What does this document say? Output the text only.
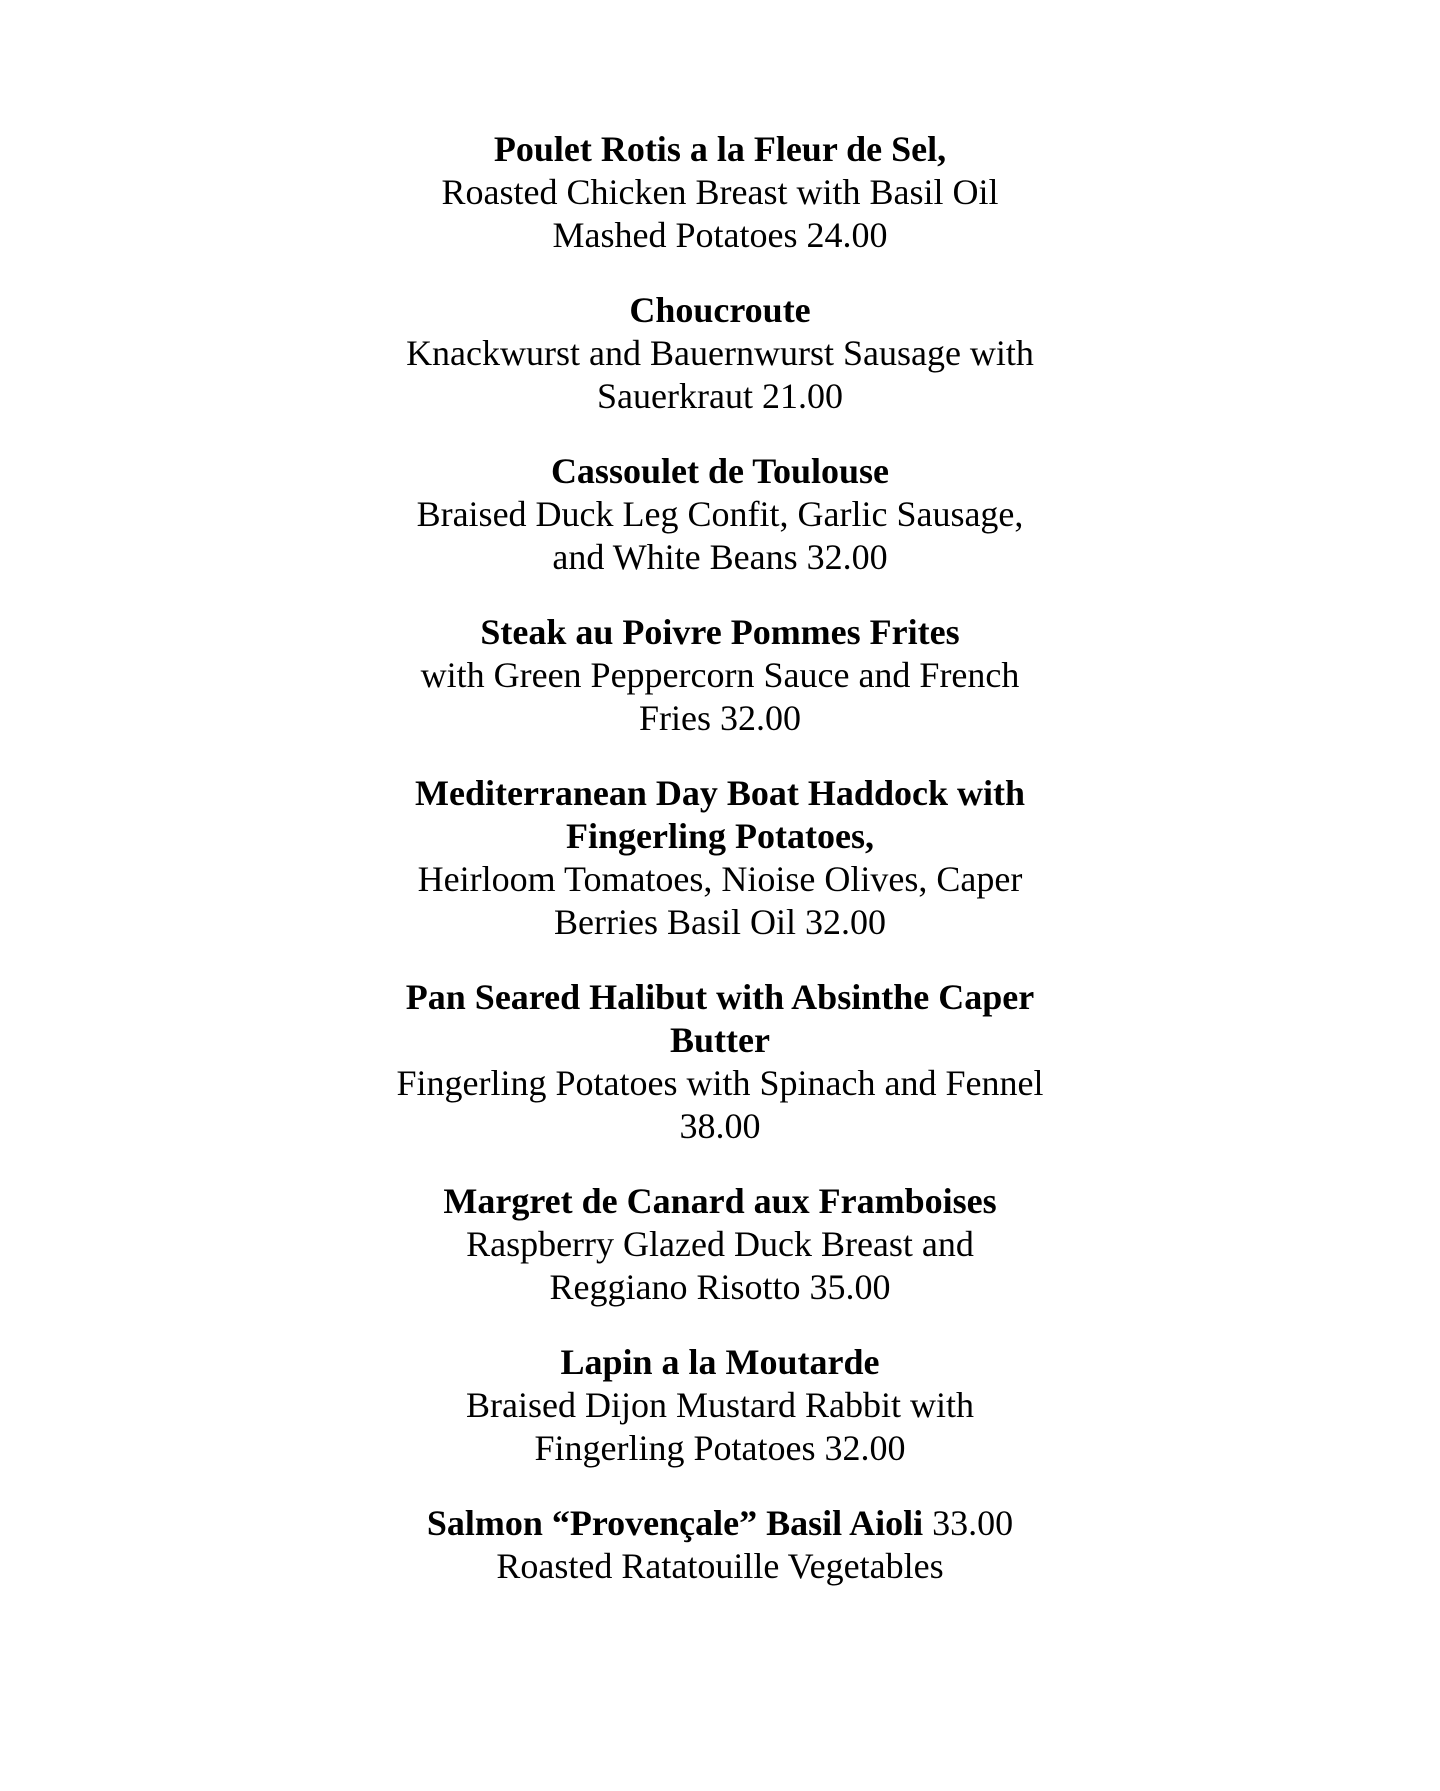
Poulet Rotis a la Fleur de Sel,
Roasted Chicken Breast with Basil Oil
Mashed Potatoes 24.00
Choucroute
Knackwurst and Bauernwurst Sausage with
Sauerkraut 21.00
Cassoulet de Toulouse
Braised Duck Leg Confit, Garlic Sausage,
and White Beans 32.00
Steak au Poivre Pommes Frites
with Green Peppercorn Sauce and French
Fries 32.00
Mediterranean Day Boat Haddock with
Fingerling Potatoes,
Heirloom Tomatoes, Nioise Olives, Caper
Berries Basil Oil 32.00
Pan Seared Halibut with Absinthe Caper
Butter
Fingerling Potatoes with Spinach and Fennel
38.00
Margret de Canard aux Framboises
Raspberry Glazed Duck Breast and
Reggiano Risotto 35.00
Lapin a la Moutarde
Braised Dijon Mustard Rabbit with
Fingerling Potatoes 32.00
Salmon “Provençale” Basil Aioli 33.00
Roasted Ratatouille Vegetables
